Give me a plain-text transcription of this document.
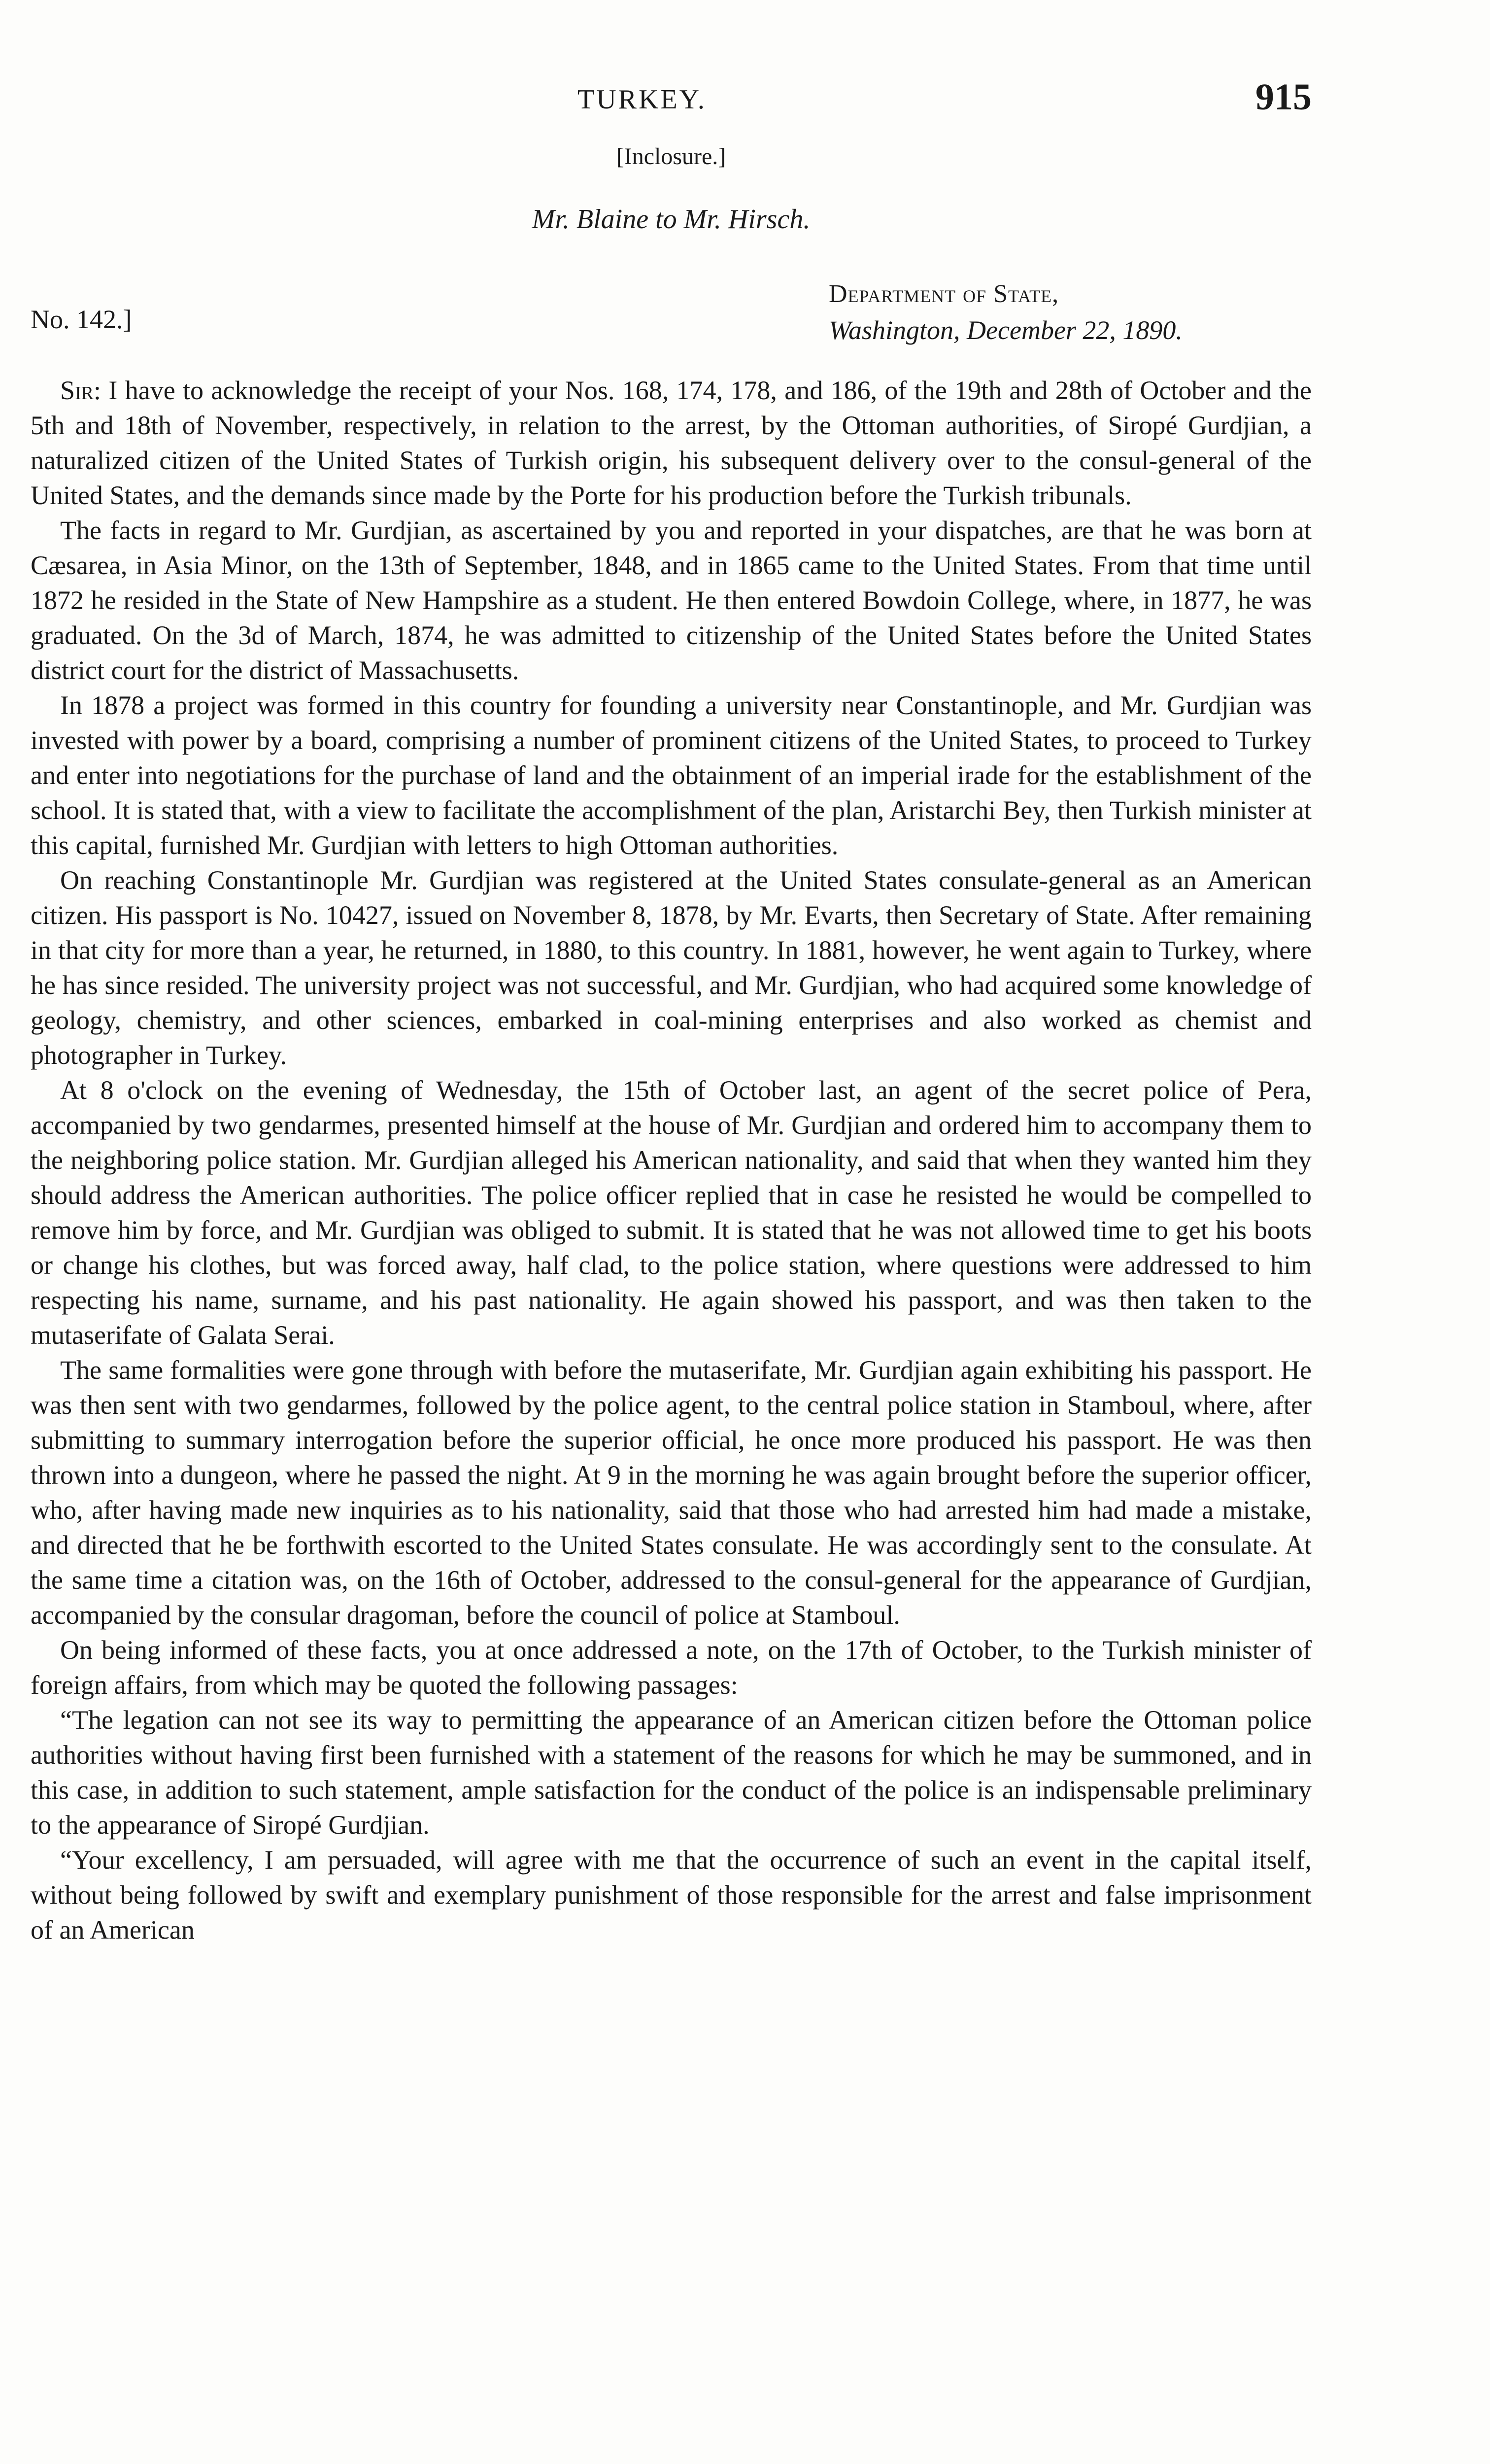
TURKEY.	915
[Inclosure.]
Mr. Blaine to Mr. Hirsch.
No. 142.]
Department of State,
Washington, December 22, 1890.

Sir: I have to acknowledge the receipt of your Nos. 168, 174, 178, and 186, of the 19th and 28th of October and the 5th and 18th of November, respectively, in relation to the arrest, by the Ottoman authorities, of Siropé Gurdjian, a naturalized citizen of the United States of Turkish origin, his subsequent delivery over to the consul-general of the United States, and the demands since made by the Porte for his production before the Turkish tribunals.

The facts in regard to Mr. Gurdjian, as ascertained by you and reported in your dispatches, are that he was born at Cæsarea, in Asia Minor, on the 13th of September, 1848, and in 1865 came to the United States. From that time until 1872 he resided in the State of New Hampshire as a student. He then entered Bowdoin College, where, in 1877, he was graduated. On the 3d of March, 1874, he was admitted to citizenship of the United States before the United States district court for the district of Massachusetts.

In 1878 a project was formed in this country for founding a university near Constantinople, and Mr. Gurdjian was invested with power by a board, comprising a number of prominent citizens of the United States, to proceed to Turkey and enter into negotiations for the purchase of land and the obtainment of an imperial irade for the establishment of the school. It is stated that, with a view to facilitate the accomplishment of the plan, Aristarchi Bey, then Turkish minister at this capital, furnished Mr. Gurdjian with letters to high Ottoman authorities.

On reaching Constantinople Mr. Gurdjian was registered at the United States consulate-general as an American citizen. His passport is No. 10427, issued on November 8, 1878, by Mr. Evarts, then Secretary of State. After remaining in that city for more than a year, he returned, in 1880, to this country. In 1881, however, he went again to Turkey, where he has since resided. The university project was not successful, and Mr. Gurdjian, who had acquired some knowledge of geology, chemistry, and other sciences, embarked in coal-mining enterprises and also worked as chemist and photographer in Turkey.

At 8 o'clock on the evening of Wednesday, the 15th of October last, an agent of the secret police of Pera, accompanied by two gendarmes, presented himself at the house of Mr. Gurdjian and ordered him to accompany them to the neighboring police station. Mr. Gurdjian alleged his American nationality, and said that when they wanted him they should address the American authorities. The police officer replied that in case he resisted he would be compelled to remove him by force, and Mr. Gurdjian was obliged to submit. It is stated that he was not allowed time to get his boots or change his clothes, but was forced away, half clad, to the police station, where questions were addressed to him respecting his name, surname, and his past nationality. He again showed his passport, and was then taken to the mutaserifate of Galata Serai.

The same formalities were gone through with before the mutaserifate, Mr. Gurdjian again exhibiting his passport. He was then sent with two gendarmes, followed by the police agent, to the central police station in Stamboul, where, after submitting to summary interrogation before the superior official, he once more produced his passport. He was then thrown into a dungeon, where he passed the night. At 9 in the morning he was again brought before the superior officer, who, after having made new inquiries as to his nationality, said that those who had arrested him had made a mistake, and directed that he be forthwith escorted to the United States consulate. He was accordingly sent to the consulate. At the same time a citation was, on the 16th of October, addressed to the consul-general for the appearance of Gurdjian, accompanied by the consular dragoman, before the council of police at Stamboul.

On being informed of these facts, you at once addressed a note, on the 17th of October, to the Turkish minister of foreign affairs, from which may be quoted the following passages:

“The legation can not see its way to permitting the appearance of an American citizen before the Ottoman police authorities without having first been furnished with a statement of the reasons for which he may be summoned, and in this case, in addition to such statement, ample satisfaction for the conduct of the police is an indispensable preliminary to the appearance of Siropé Gurdjian.

“Your excellency, I am persuaded, will agree with me that the occurrence of such an event in the capital itself, without being followed by swift and exemplary punishment of those responsible for the arrest and false imprisonment of an American
